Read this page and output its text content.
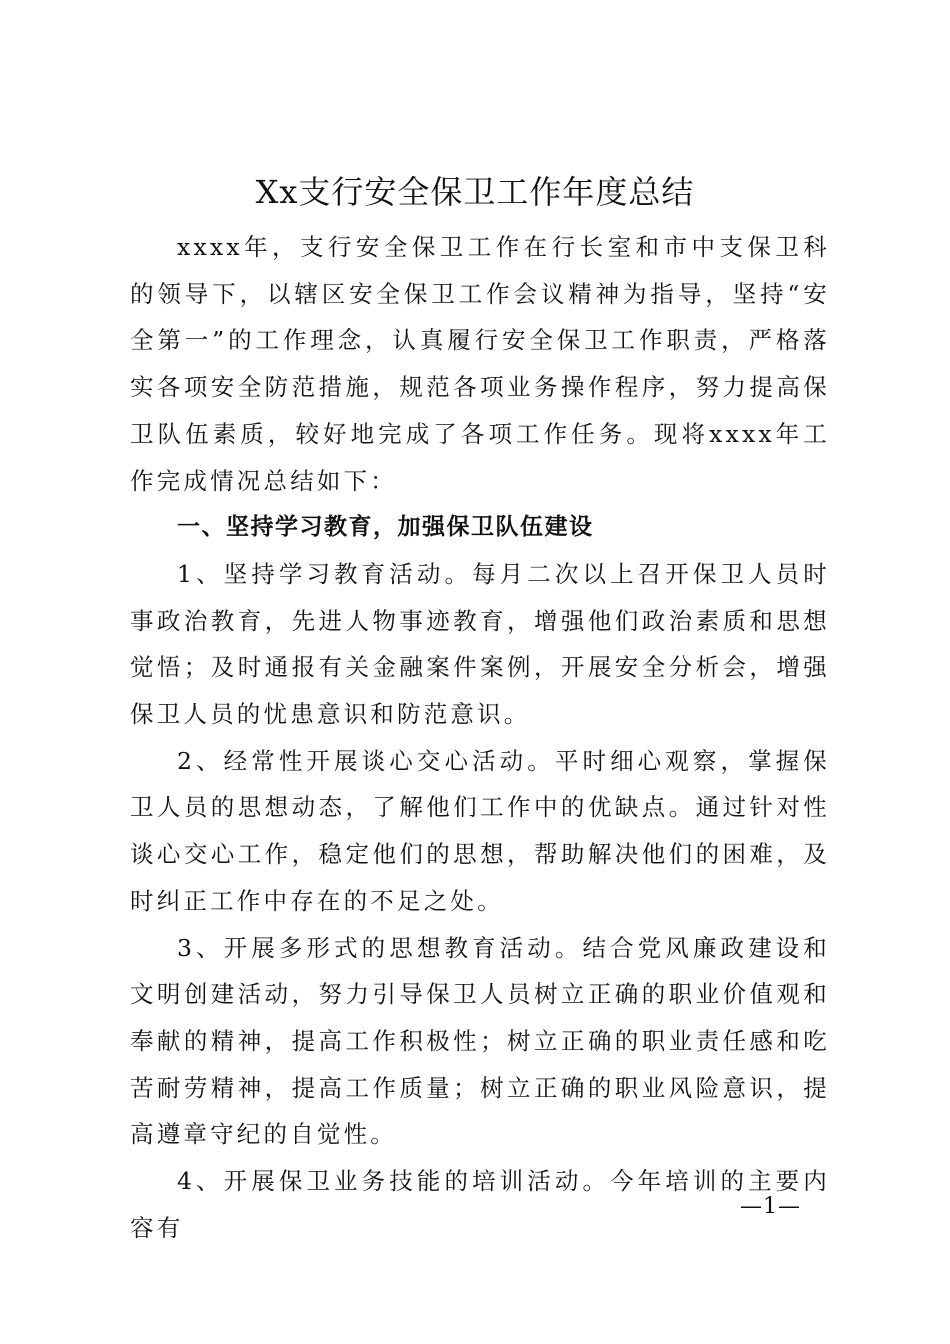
Xx支行安全保卫工作年度总结

xxxx年，支行安全保卫工作在行长室和市中支保卫科的领导下，以辖区安全保卫工作会议精神为指导，坚持“安全第一”的工作理念，认真履行安全保卫工作职责，严格落实各项安全防范措施，规范各项业务操作程序，努力提高保卫队伍素质，较好地完成了各项工作任务。现将xxxx年工作完成情况总结如下：

一、坚持学习教育，加强保卫队伍建设

1、坚持学习教育活动。每月二次以上召开保卫人员时事政治教育，先进人物事迹教育，增强他们政治素质和思想觉悟；及时通报有关金融案件案例，开展安全分析会，增强保卫人员的忧患意识和防范意识。

2、经常性开展谈心交心活动。平时细心观察，掌握保卫人员的思想动态，了解他们工作中的优缺点。通过针对性谈心交心工作，稳定他们的思想，帮助解决他们的困难，及时纠正工作中存在的不足之处。

3、开展多形式的思想教育活动。结合党风廉政建设和文明创建活动，努力引导保卫人员树立正确的职业价值观和奉献的精神，提高工作积极性；树立正确的职业责任感和吃苦耐劳精神，提高工作质量；树立正确的职业风险意识，提高遵章守纪的自觉性。

4、开展保卫业务技能的培训活动。今年培训的主要内容有

—1—
